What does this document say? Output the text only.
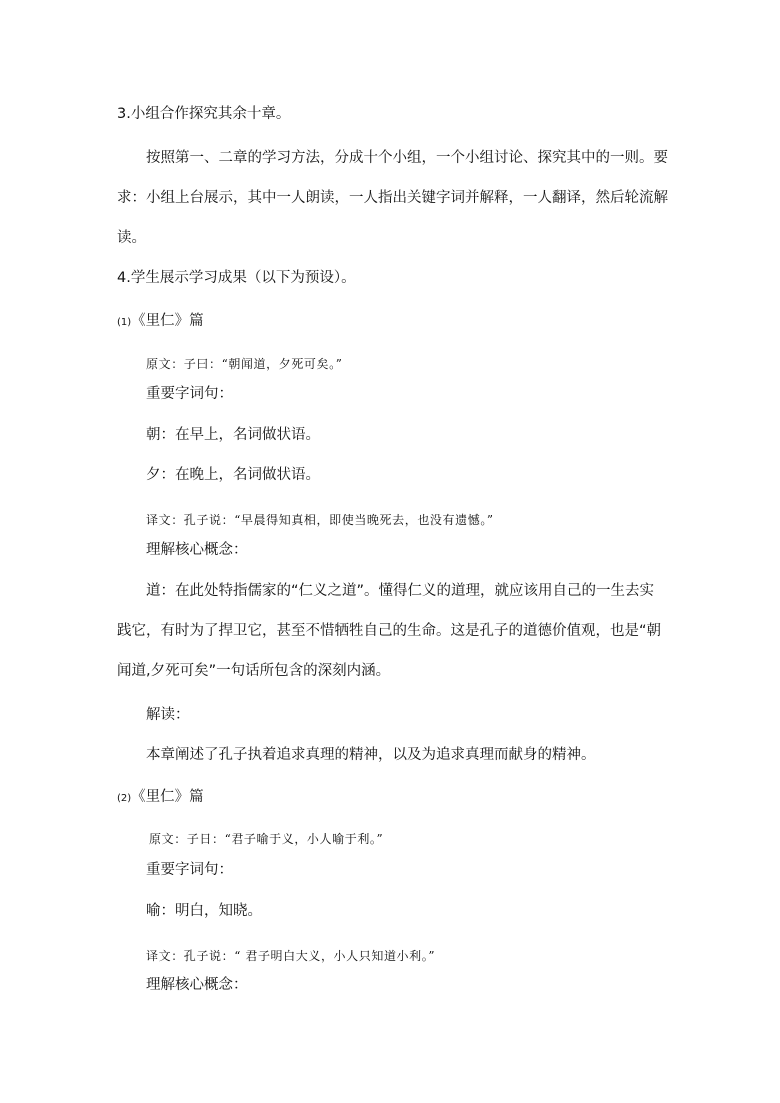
3.小组合作探究其余十章。
按照第一、二章的学习方法，分成十个小组，一个小组讨论、探究其中的一则。要
求：小组上台展示，其中一人朗读，一人指出关键字词并解释，一人翻译，然后轮流解
读。
4.学生展示学习成果（以下为预设）。
(1)《里仁》篇
原文：子曰：“朝闻道，夕死可矣。”
重要字词句：
朝：在早上，名词做状语。
夕：在晚上，名词做状语。
译文：孔子说：“早晨得知真相，即使当晚死去，也没有遗憾。”
理解核心概念：
道：在此处特指儒家的“仁义之道”。懂得仁义的道理，就应该用自己的一生去实
践它，有时为了捍卫它，甚至不惜牺牲自己的生命。这是孔子的道德价值观，也是“朝
闻道,夕死可矣”一句话所包含的深刻内涵。
解读：
本章阐述了孔子执着追求真理的精神，以及为追求真理而献身的精神。
(2)《里仁》篇
原文：子日：“君子喻于义，小人喻于利。”
重要字词句：
喻：明白，知晓。
译文：孔子说：“ 君子明白大义，小人只知道小利。”
理解核心概念：
